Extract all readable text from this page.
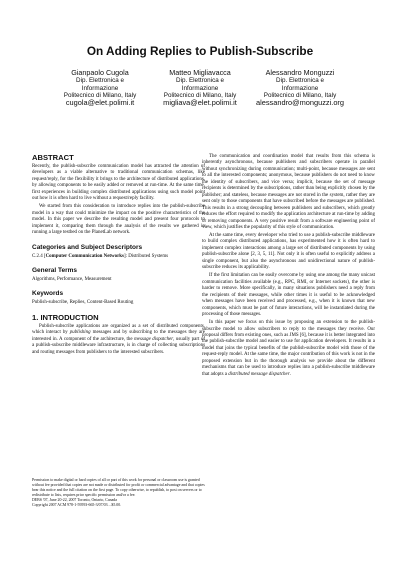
On Adding Replies to Publish-Subscribe
Gianpaolo Cugola
Dip. Elettronica e
Informazione
Politecnico di Milano, Italy
cugola@elet.polimi.it
Matteo Migliavacca
Dip. Elettronica e
Informazione
Politecnico di Milano, Italy
migliava@elet.polimi.it
Alessandro Monguzzi
Dip. Elettronica e
Informazione
Politecnico di Milano, Italy
alessandro@monguzzi.org
ABSTRACT

Recently, the publish-subscribe communication model has attracted the attention of developers as a viable alternative to traditional communication schemas, like request/reply, for the flexibility it brings to the architecture of distributed applications, by allowing components to be easily added or removed at run-time. At the same time, first experiences in building complex distributed applications using such model point out how it is often hard to live without a request/reply facility.

We started from this consideration to introduce replies into the publish-subscribe model in a way that could minimize the impact on the positive characteristics of the model. In this paper we describe the resulting model and present four protocols to implement it, comparing them through the analysis of the results we gathered in running a large testbed on the PlanetLab network.

Categories and Subject Descriptors

C.2.4 [Computer Communication Networks]: Distributed Systems

General Terms

Algorithms, Performance, Measurement

Keywords

Publish-subscribe, Replies, Content-Based Routing

1. INTRODUCTION

Publish-subscribe applications are organized as a set of distributed components, which interact by publishing messages and by subscribing to the messages they are interested in. A component of the architecture, the message dispatcher, usually part of a publish-subscribe middleware infrastructure, is in charge of collecting subscriptions and routing messages from publishers to the interested subscribers.

Permission to make digital or hard copies of all or part of this work for personal or classroom use is granted without fee provided that copies are not made or distributed for profit or commercial advantage and that copies bear this notice and the full citation on the first page. To copy otherwise, to republish, to post on servers or to redistribute to lists, requires prior specific permission and/or a fee.

DEBS '07, June 20-22, 2007 Toronto, Ontario, Canada

Copyright 2007 ACM 978-1-59593-665-3/07/03 ...$5.00.

The communication and coordination model that results from this schema is inherently asynchronous, because publishers and subscribers operate in parallel without synchronizing during communication; multi-point, because messages are sent to all the interested components; anonymous, because publishers do not need to know the identity of subscribers, and vice versa; implicit, because the set of message recipients is determined by the subscriptions, rather than being explicitly chosen by the publisher; and stateless, because messages are not stored in the system, rather they are sent only to those components that have subscribed before the messages are published. This results in a strong decoupling between publishers and subscribers, which greatly reduces the effort required to modify the application architecture at run-time by adding or removing components. A very positive result from a software engineering point of view, which justifies the popularity of this style of communication.

At the same time, every developer who tried to use a publish-subscribe middleware to build complex distributed applications, has experimented how it is often hard to implement complex interactions among a large set of distributed components by using publish-subscribe alone [2, 3, 5, 11]. Not only it is often useful to explicitly address a single component, but also the asynchronous and unidirectional nature of publish-subscribe reduces its applicability.

If the first limitation can be easily overcome by using one among the many unicast communication facilities available (e.g., RPC, RMI, or Internet sockets), the other is harder to remove. More specifically, in many situations publishers need a reply from the recipients of their messages, while other times it is useful to be acknowledged when messages have been received and processed, e.g., when it is known that new components, which must be part of future interactions, will be instantiated during the processing of those messages.

In this paper we focus on this issue by proposing an extension to the publish-subscribe model to allow subscribers to reply to the messages they receive. Our proposal differs from existing ones, such as JMS [6], because it is better integrated into the publish-subscribe model and easier to use for application developers. It results in a model that joins the typical benefits of the publish-subscribe model with those of the request-reply model. At the same time, the major contribution of this work is not in the proposed extension but in the thorough analysis we provide about the different mechanisms that can be used to introduce replies into a publish-subscribe middleware that adopts a distributed message dispatcher.
